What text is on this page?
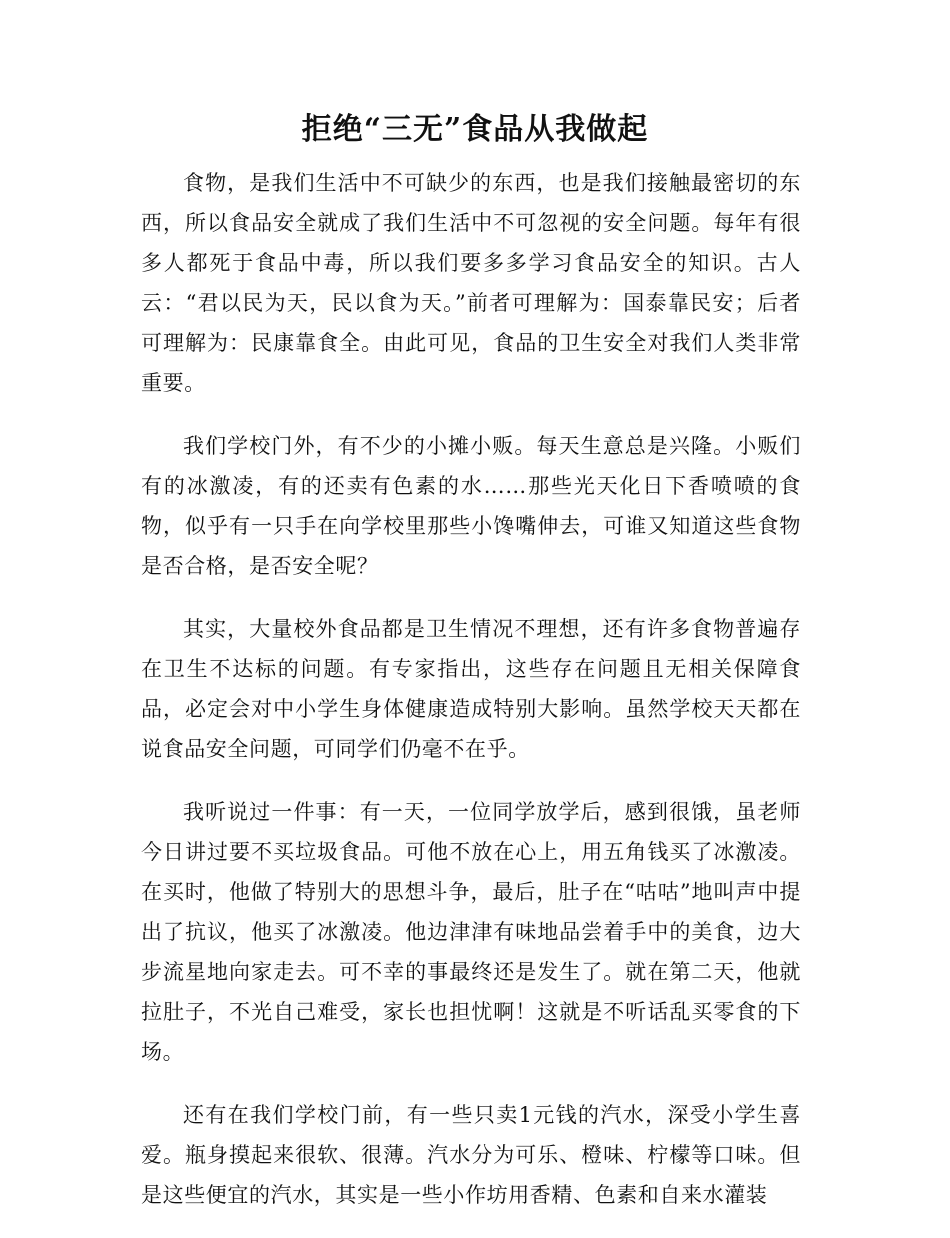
拒绝“三无”食品从我做起

食物，是我们生活中不可缺少的东西，也是我们接触最密切的东西，所以食品安全就成了我们生活中不可忽视的安全问题。每年有很多人都死于食品中毒，所以我们要多多学习食品安全的知识。古人云：“君以民为天，民以食为天。”前者可理解为：国泰靠民安；后者可理解为：民康靠食全。由此可见，食品的卫生安全对我们人类非常重要。

我们学校门外，有不少的小摊小贩。每天生意总是兴隆。小贩们有的冰激凌，有的还卖有色素的水……那些光天化日下香喷喷的食物，似乎有一只手在向学校里那些小馋嘴伸去，可谁又知道这些食物是否合格，是否安全呢？

其实，大量校外食品都是卫生情况不理想，还有许多食物普遍存在卫生不达标的问题。有专家指出，这些存在问题且无相关保障食品，必定会对中小学生身体健康造成特别大影响。虽然学校天天都在说食品安全问题，可同学们仍毫不在乎。

我听说过一件事：有一天，一位同学放学后，感到很饿，虽老师今日讲过要不买垃圾食品。可他不放在心上，用五角钱买了冰激凌。在买时，他做了特别大的思想斗争，最后，肚子在“咕咕”地叫声中提出了抗议，他买了冰激凌。他边津津有味地品尝着手中的美食，边大步流星地向家走去。可不幸的事最终还是发生了。就在第二天，他就拉肚子，不光自己难受，家长也担忧啊！这就是不听话乱买零食的下场。

还有在我们学校门前，有一些只卖1元钱的汽水，深受小学生喜爱。瓶身摸起来很软、很薄。汽水分为可乐、橙味、柠檬等口味。但是这些便宜的汽水，其实是一些小作坊用香精、色素和自来水灌装
